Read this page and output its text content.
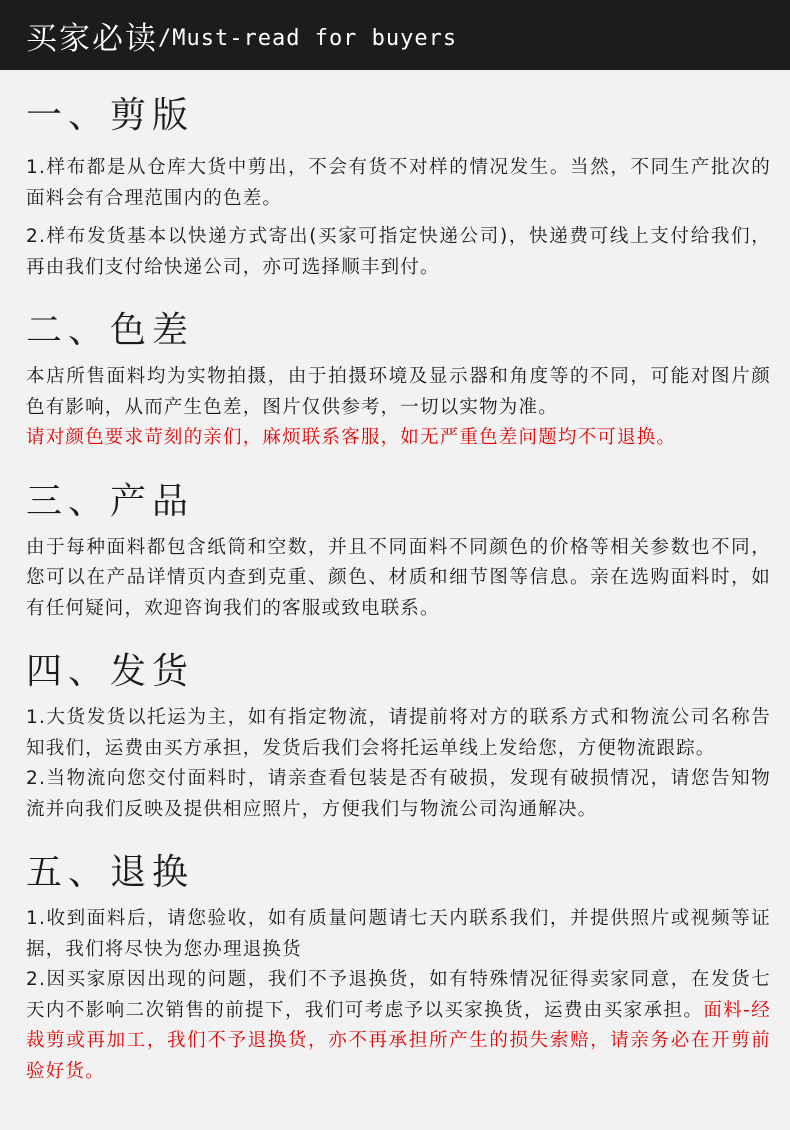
买家必读 /Must-read for buyers
一、剪版

1.样布都是从仓库大货中剪出，不会有货不对样的情况发生。当然，不同生产批次的面料会有合理范围内的色差。

2.样布发货基本以快递方式寄出(买家可指定快递公司)，快递费可线上支付给我们，再由我们支付给快递公司，亦可选择顺丰到付。

二、色差

本店所售面料均为实物拍摄，由于拍摄环境及显示器和角度等的不同，可能对图片颜色有影响，从而产生色差，图片仅供参考，一切以实物为准。

请对颜色要求苛刻的亲们，麻烦联系客服，如无严重色差问题均不可退换。

三、产品

由于每种面料都包含纸筒和空数，并且不同面料不同颜色的价格等相关参数也不同，您可以在产品详情页内查到克重、颜色、材质和细节图等信息。亲在选购面料时，如有任何疑问，欢迎咨询我们的客服或致电联系。

四、发货

1.大货发货以托运为主，如有指定物流，请提前将对方的联系方式和物流公司名称告知我们，运费由买方承担，发货后我们会将托运单线上发给您，方便物流跟踪。

2.当物流向您交付面料时，请亲查看包装是否有破损，发现有破损情况，请您告知物流并向我们反映及提供相应照片，方便我们与物流公司沟通解决。

五、退换

1.收到面料后，请您验收，如有质量问题请七天内联系我们，并提供照片或视频等证据，我们将尽快为您办理退换货

2.因买家原因出现的问题，我们不予退换货，如有特殊情况征得卖家同意，在发货七天内不影响二次销售的前提下，我们可考虑予以买家换货，运费由买家承担。面料-经裁剪或再加工，我们不予退换货，亦不再承担所产生的损失索赔，请亲务必在开剪前验好货。
